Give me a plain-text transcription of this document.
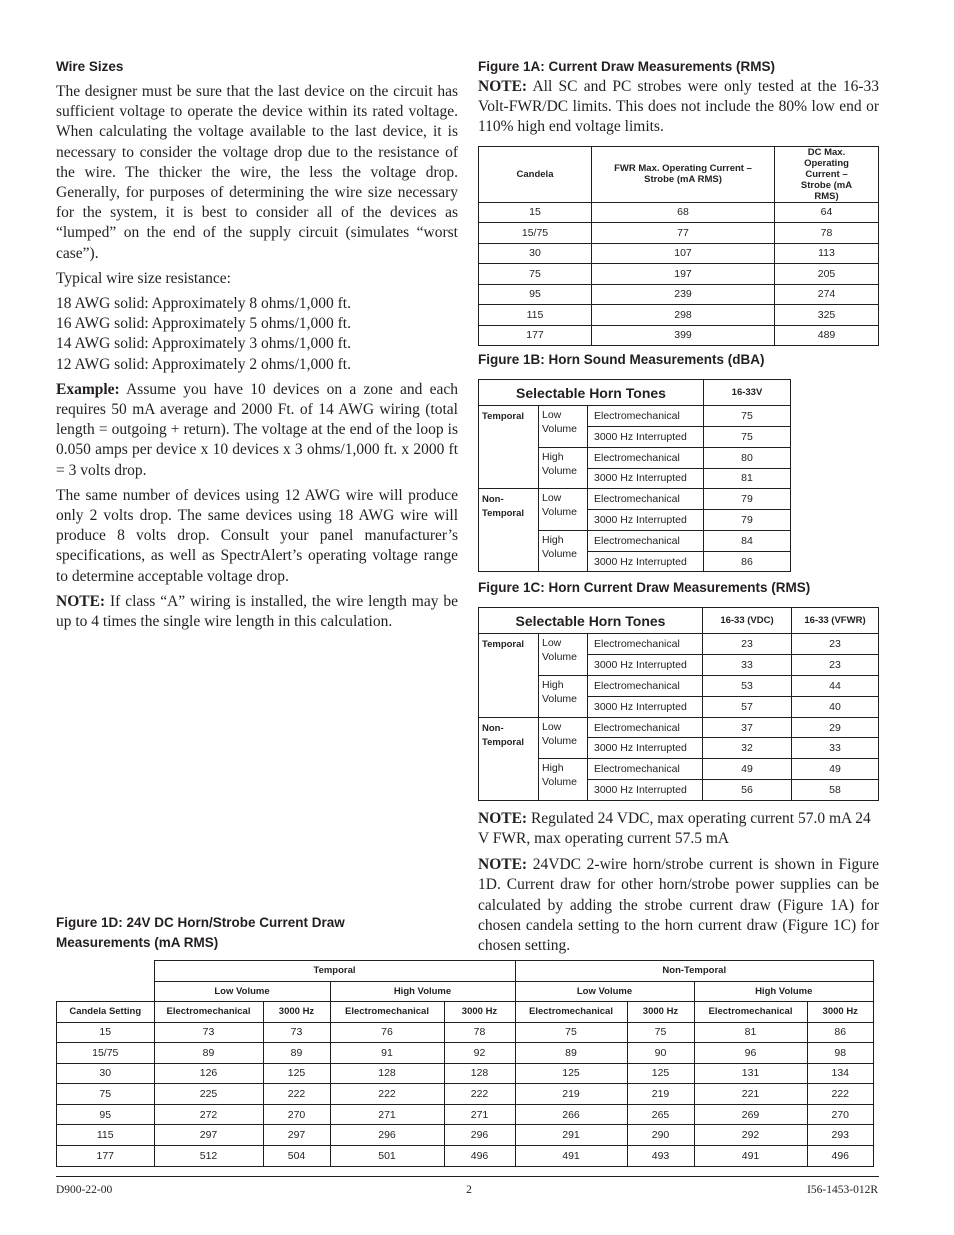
Wire Sizes

The designer must be sure that the last device on the circuit has sufficient voltage to operate the device within its rated voltage. When calculating the voltage available to the last device, it is necessary to consider the voltage drop due to the resistance of the wire. The thicker the wire, the less the voltage drop. Generally, for purposes of determining the wire size necessary for the system, it is best to consider all of the devices as “lumped” on the end of the supply circuit (simulates “worst case”).

Typical wire size resistance:

18 AWG solid: Approximately 8 ohms/1,000 ft.
16 AWG solid: Approximately 5 ohms/1,000 ft.
14 AWG solid: Approximately 3 ohms/1,000 ft.
12 AWG solid: Approximately 2 ohms/1,000 ft.

Example: Assume you have 10 devices on a zone and each requires 50 mA average and 2000 Ft. of 14 AWG wiring (total length = outgoing + return). The voltage at the end of the loop is 0.050 amps per device x 10 devices x 3 ohms/1,000 ft. x 2000 ft = 3 volts drop.

The same number of devices using 12 AWG wire will produce only 2 volts drop. The same devices using 18 AWG wire will produce 8 volts drop. Consult your panel manufacturer’s specifications, as well as SpectrAlert’s operating voltage range to determine acceptable voltage drop.

NOTE: If class “A” wiring is installed, the wire length may be up to 4 times the single wire length in this calculation.

Figure 1A: Current Draw Measurements (RMS)

NOTE: All SC and PC strobes were only tested at the 16-33 Volt-FWR/DC limits. This does not include the 80% low end or 110% high end voltage limits.

Candela	FWR Max. Operating Current – Strobe (mA RMS)	DC Max. Operating Current – Strobe (mA RMS)
15	68	64
15/75	77	78
30	107	113
75	197	205
95	239	274
115	298	325
177	399	489
Figure 1B: Horn Sound Measurements (dBA)
Selectable Horn Tones			16-33V
Temporal	Low Volume	Electromechanical	75
		3000 Hz Interrupted	75
	High Volume	Electromechanical	80
		3000 Hz Interrupted	81
Non-Temporal	Low Volume	Electromechanical	79
		3000 Hz Interrupted	79
	High Volume	Electromechanical	84
		3000 Hz Interrupted	86
Figure 1C: Horn Current Draw Measurements (RMS)
Selectable Horn Tones			16-33 (VDC)	16-33 (VFWR)
Temporal	Low Volume	Electromechanical	23	23
		3000 Hz Interrupted	33	23
	High Volume	Electromechanical	53	44
		3000 Hz Interrupted	57	40
Non-Temporal	Low Volume	Electromechanical	37	29
		3000 Hz Interrupted	32	33
	High Volume	Electromechanical	49	49
		3000 Hz Interrupted	56	58

NOTE: Regulated 24 VDC, max operating current 57.0 mA 24 V FWR, max operating current 57.5 mA

NOTE: 24VDC 2-wire horn/strobe current is shown in Figure 1D. Current draw for other horn/strobe power supplies can be calculated by adding the strobe current draw (Figure 1A) for chosen candela setting to the horn current draw (Figure 1C) for chosen setting.

Figure 1D: 24V DC Horn/Strobe Current Draw Measurements (mA RMS)
	Temporal				Non-Temporal			
	Low Volume		High Volume		Low Volume		High Volume	
Candela Setting	Electromechanical	3000 Hz	Electromechanical	3000 Hz	Electromechanical	3000 Hz	Electromechanical	3000 Hz
15	73	73	76	78	75	75	81	86
15/75	89	89	91	92	89	90	96	98
30	126	125	128	128	125	125	131	134
75	225	222	222	222	219	219	221	222
95	272	270	271	271	266	265	269	270
115	297	297	296	296	291	290	292	293
177	512	504	501	496	491	493	491	496
D900-22-00	2	I56-1453-012R
